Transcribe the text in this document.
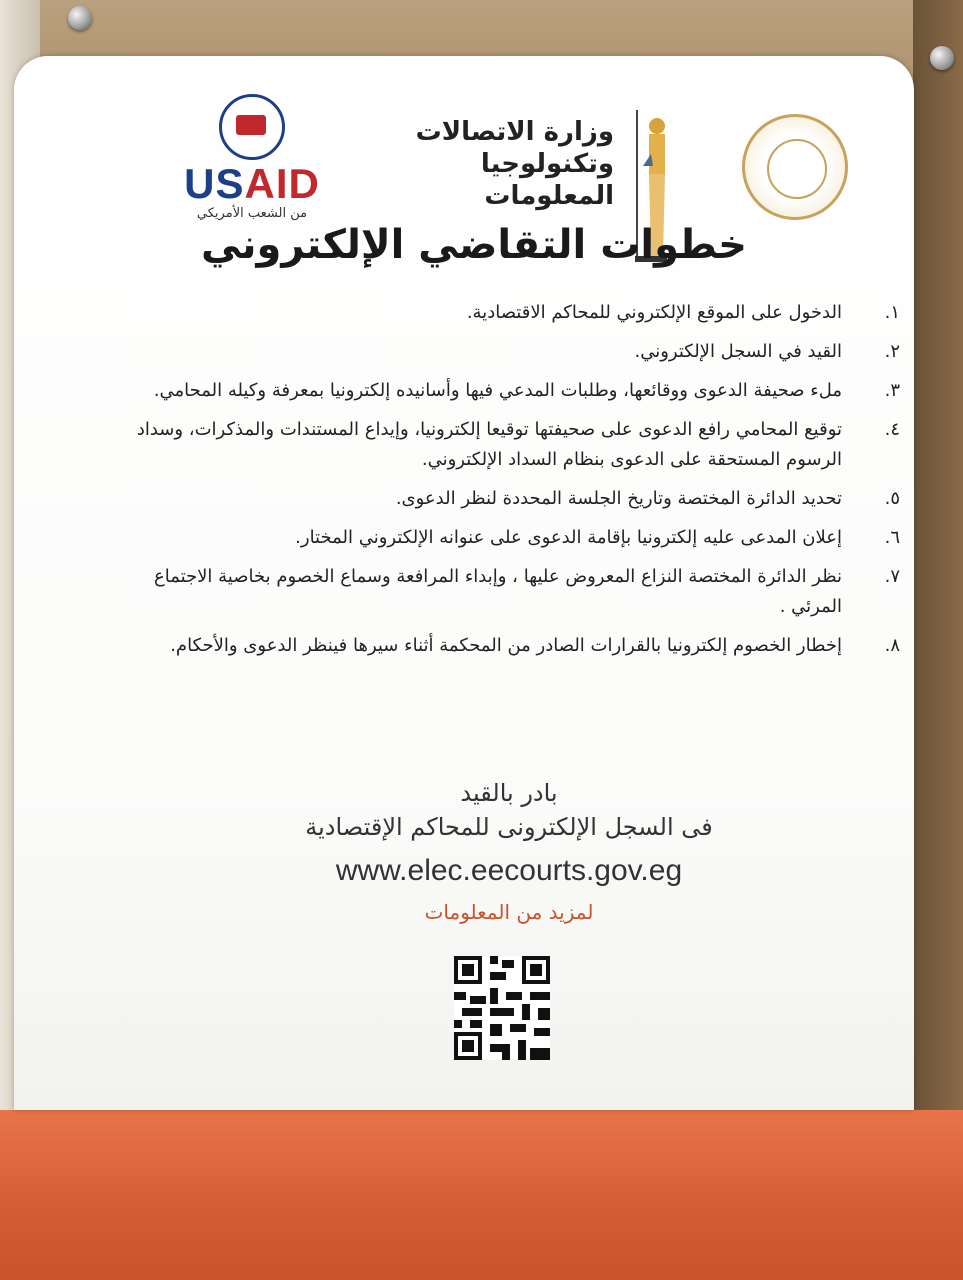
USAID
من الشعب الأمريكي
وزارة الاتصالات
وتكنولوجيا المعلومات
خطوات التقاضي الإلكتروني
١.
الدخول على الموقع الإلكتروني للمحاكم الاقتصادية.
٢.
القيد في السجل الإلكتروني.
٣.
ملء صحيفة الدعوى ووقائعها، وطلبات المدعي فيها وأسانيده إلكترونيا بمعرفة وكيله المحامي.
٤.
توقيع المحامي رافع الدعوى على صحيفتها توقيعا إلكترونيا، وإيداع المستندات والمذكرات، وسداد الرسوم المستحقة على الدعوى بنظام السداد الإلكتروني.
٥.
تحديد الدائرة المختصة وتاريخ الجلسة المحددة لنظر الدعوى.
٦.
إعلان المدعى عليه إلكترونيا بإقامة الدعوى على عنوانه الإلكتروني المختار.
٧.
نظر الدائرة المختصة النزاع المعروض عليها ، وإبداء المرافعة وسماع الخصوم بخاصية الاجتماع المرئي .
٨.
إخطار الخصوم إلكترونيا بالقرارات الصادر من المحكمة أثناء سيرها فينظر الدعوى والأحكام.
بادر بالقيد
فى السجل الإلكترونى للمحاكم الإقتصادية
www.elec.eecourts.gov.eg
لمزيد من المعلومات
